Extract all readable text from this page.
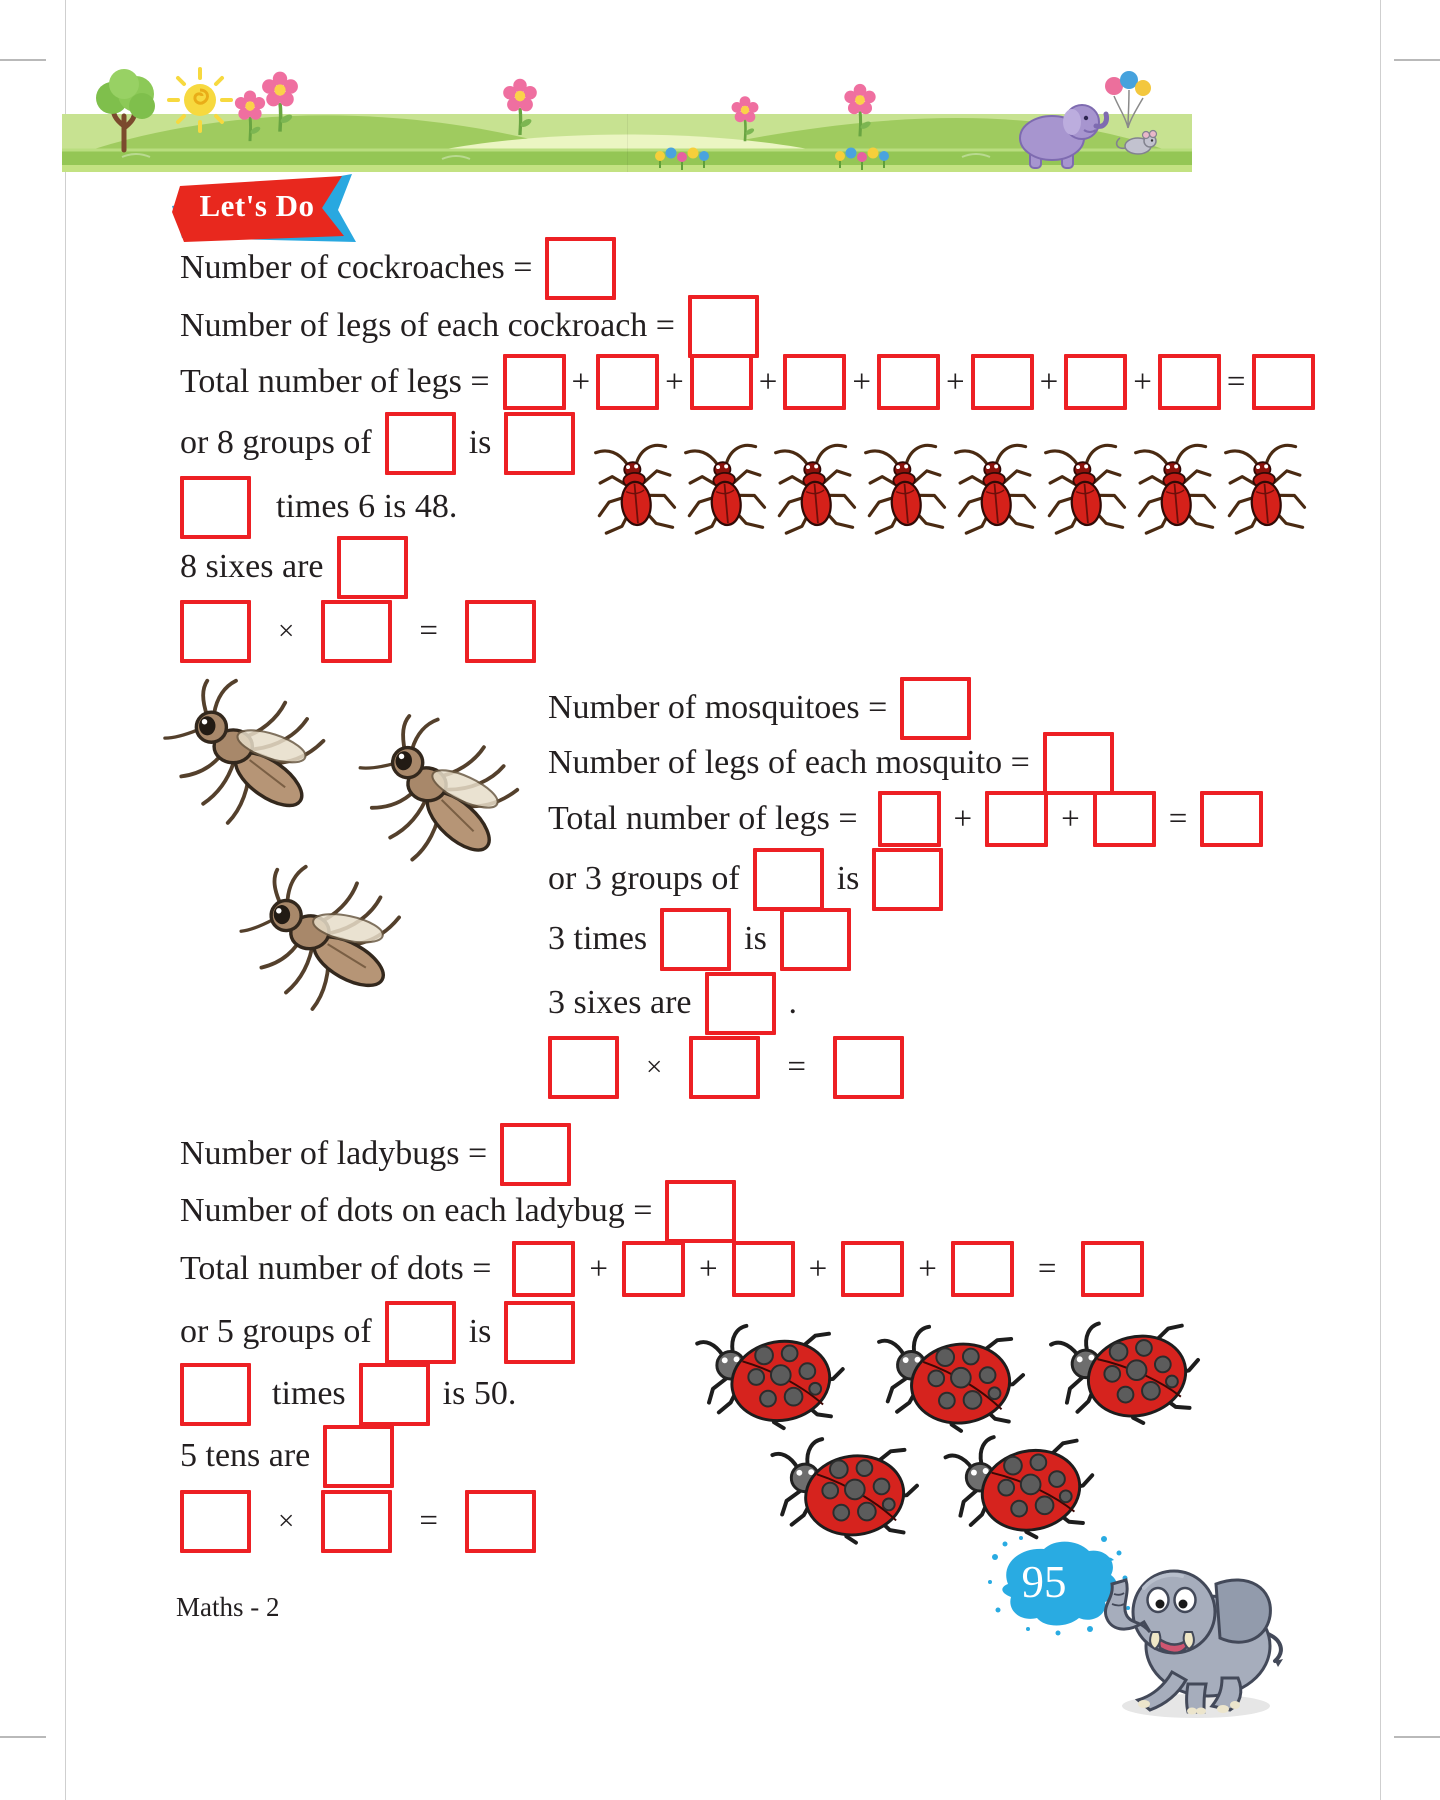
Let's Do
Number of cockroaches =
Number of legs of each cockroach =
Total number of legs = + + + + + + + =
or 8 groups of	is
times 6 is 48.
8 sixes are
×	=
Number of mosquitoes =
Number of legs of each mosquito =
Total number of legs =	+	+	=
or 3 groups of	is
3 times	is
3 sixes are	.
×	=
Number of ladybugs =
Number of dots on each ladybug =
Total number of dots =	+	+	+	+	=
or 5 groups of	is
times	is 50.
5 tens are
×	=
Maths - 2	95
